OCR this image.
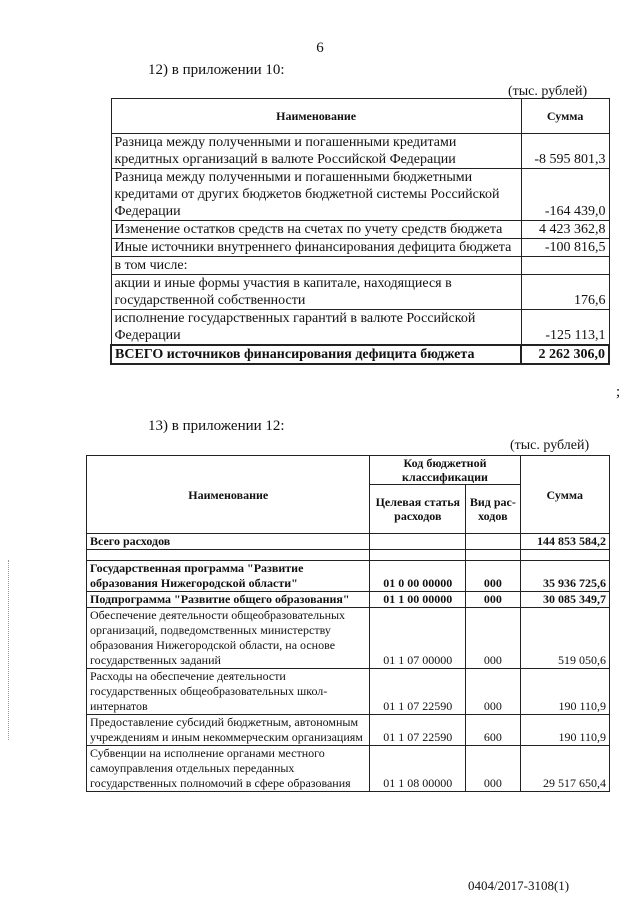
6
12) в приложении 10:
(тыс. рублей)
Наименование	Сумма
Разница между полученными и погашенными кредитами кредитных организаций в валюте Российской Федерации	-8 595 801,3
Разница между полученными и погашенными бюджетными кредитами от других бюджетов бюджетной системы Российской Федерации	-164 439,0
Изменение остатков средств на счетах по учету средств бюджета	4 423 362,8
Иные источники внутреннего финансирования дефицита бюджета	-100 816,5
в том числе:	
акции и иные формы участия в капитале, находящиеся в государственной собственности	176,6
исполнение государственных гарантий в валюте Российской Федерации	-125 113,1
ВСЕГО источников финансирования дефицита бюджета	2 262 306,0
;
13) в приложении 12:
(тыс. рублей)
Наименование	Код бюджетной классификации		Сумма
	Целевая статья расходов	Вид рас-ходов	
Всего расходов			144 853 584,2

Государственная программа "Развитие образования Нижегородской области"	01 0 00 00000	000	35 936 725,6
Подпрограмма "Развитие общего образования"	01 1 00 00000	000	30 085 349,7
Обеспечение деятельности общеобразовательных организаций, подведомственных министерству образования Нижегородской области, на основе государственных заданий	01 1 07 00000	000	519 050,6
Расходы на обеспечение деятельности государственных общеобразовательных школ-интернатов	01 1 07 22590	000	190 110,9
Предоставление субсидий бюджетным, автономным учреждениям и иным некоммерческим организациям	01 1 07 22590	600	190 110,9
Субвенции на исполнение органами местного самоуправления отдельных переданных государственных полномочий в сфере образования	01 1 08 00000	000	29 517 650,4
0404/2017-3108(1)
